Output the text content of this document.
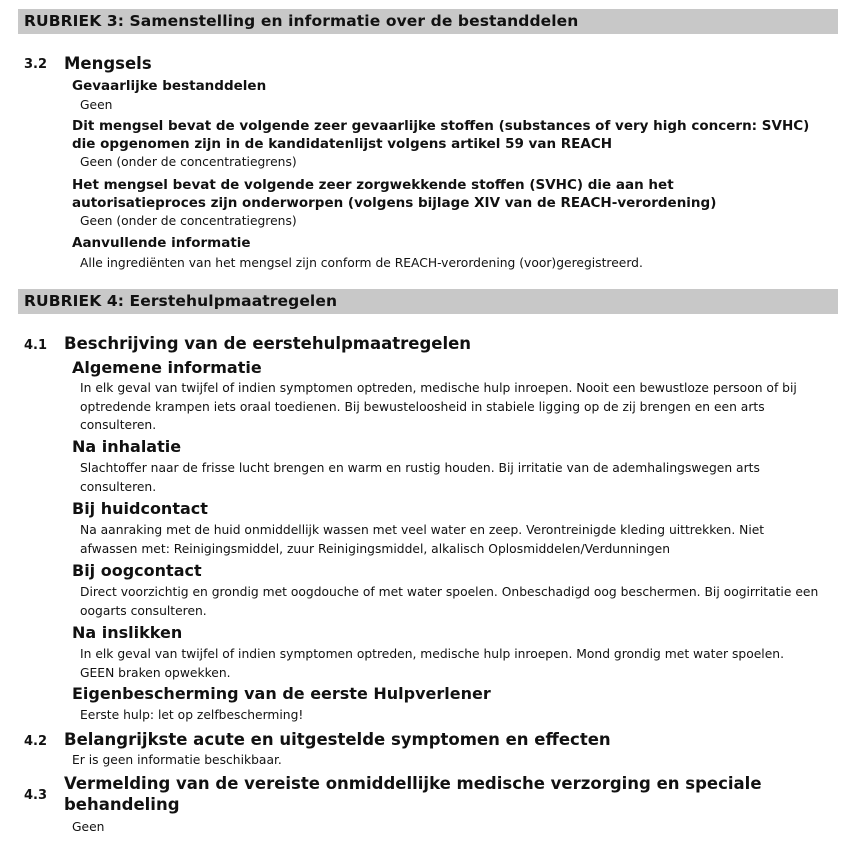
RUBRIEK 3: Samenstelling en informatie over de bestanddelen
3.2 Mengsels
Gevaarlijke bestanddelen
Geen
Dit mengsel bevat de volgende zeer gevaarlijke stoffen (substances of very high concern: SVHC) die opgenomen zijn in de kandidatenlijst volgens artikel 59 van REACH
Geen (onder de concentratiegrens)
Het mengsel bevat de volgende zeer zorgwekkende stoffen (SVHC) die aan het autorisatieproces zijn onderworpen (volgens bijlage XIV van de REACH-verordening)
Geen (onder de concentratiegrens)
Aanvullende informatie
Alle ingrediënten van het mengsel zijn conform de REACH-verordening (voor)geregistreerd.
RUBRIEK 4: Eerstehulpmaatregelen
4.1 Beschrijving van de eerstehulpmaatregelen
Algemene informatie
In elk geval van twijfel of indien symptomen optreden, medische hulp inroepen. Nooit een bewustloze persoon of bij optredende krampen iets oraal toedienen. Bij bewusteloosheid in stabiele ligging op de zij brengen en een arts consulteren.
Na inhalatie
Slachtoffer naar de frisse lucht brengen en warm en rustig houden. Bij irritatie van de ademhalingswegen arts consulteren.
Bij huidcontact
Na aanraking met de huid onmiddellijk wassen met veel water en zeep. Verontreinigde kleding uittrekken. Niet afwassen met: Reinigingsmiddel, zuur Reinigingsmiddel, alkalisch Oplosmiddelen/Verdunningen
Bij oogcontact
Direct voorzichtig en grondig met oogdouche of met water spoelen. Onbeschadigd oog beschermen. Bij oogirritatie een oogarts consulteren.
Na inslikken
In elk geval van twijfel of indien symptomen optreden, medische hulp inroepen. Mond grondig met water spoelen. GEEN braken opwekken.
Eigenbescherming van de eerste Hulpverlener
Eerste hulp: let op zelfbescherming!
4.2 Belangrijkste acute en uitgestelde symptomen en effecten
Er is geen informatie beschikbaar.
4.3
Vermelding van de vereiste onmiddellijke medische verzorging en speciale behandeling
Geen
